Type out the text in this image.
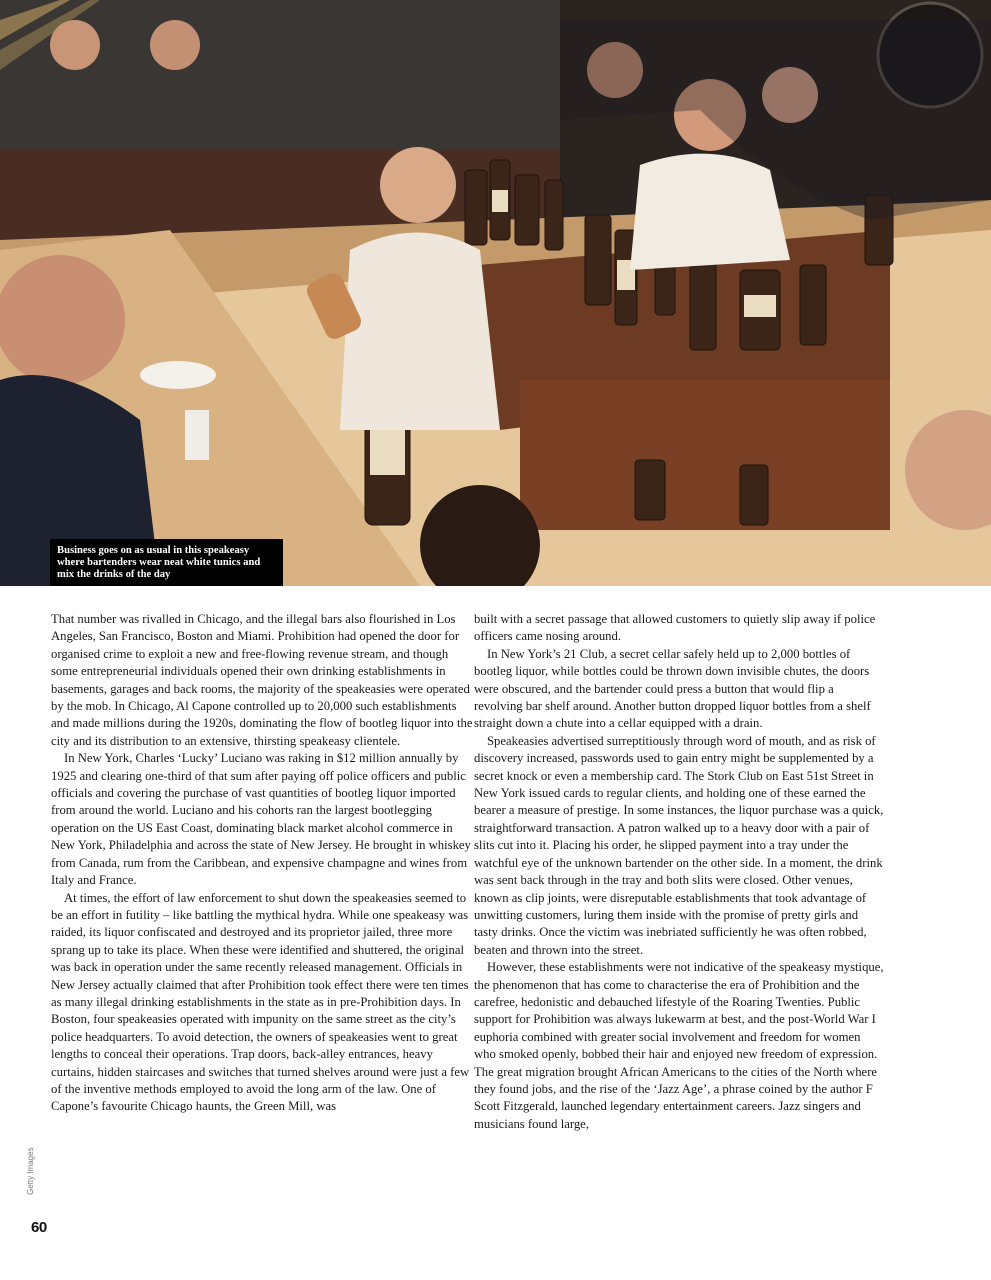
Business goes on as usual in this speakeasy where bartenders wear neat white tunics and mix the drinks of the day

That number was rivalled in Chicago, and the illegal bars also flourished in Los Angeles, San Francisco, Boston and Miami. Prohibition had opened the door for organised crime to exploit a new and free-flowing revenue stream, and though some entrepreneurial individuals opened their own drinking establishments in basements, garages and back rooms, the majority of the speakeasies were operated by the mob. In Chicago, Al Capone controlled up to 20,000 such establishments and made millions during the 1920s, dominating the flow of bootleg liquor into the city and its distribution to an extensive, thirsting speakeasy clientele.

In New York, Charles ‘Lucky’ Luciano was raking in $12 million annually by 1925 and clearing one-third of that sum after paying off police officers and public officials and covering the purchase of vast quantities of bootleg liquor imported from around the world. Luciano and his cohorts ran the largest bootlegging operation on the US East Coast, dominating black market alcohol commerce in New York, Philadelphia and across the state of New Jersey. He brought in whiskey from Canada, rum from the Caribbean, and expensive champagne and wines from Italy and France.

At times, the effort of law enforcement to shut down the speakeasies seemed to be an effort in futility – like battling the mythical hydra. While one speakeasy was raided, its liquor confiscated and destroyed and its proprietor jailed, three more sprang up to take its place. When these were identified and shuttered, the original was back in operation under the same recently released management. Officials in New Jersey actually claimed that after Prohibition took effect there were ten times as many illegal drinking establishments in the state as in pre-Prohibition days. In Boston, four speakeasies operated with impunity on the same street as the city’s police headquarters. To avoid detection, the owners of speakeasies went to great lengths to conceal their operations. Trap doors, back-alley entrances, heavy curtains, hidden staircases and switches that turned shelves around were just a few of the inventive methods employed to avoid the long arm of the law. One of Capone’s favourite Chicago haunts, the Green Mill, was

built with a secret passage that allowed customers to quietly slip away if police officers came nosing around.

In New York’s 21 Club, a secret cellar safely held up to 2,000 bottles of bootleg liquor, while bottles could be thrown down invisible chutes, the doors were obscured, and the bartender could press a button that would flip a revolving bar shelf around. Another button dropped liquor bottles from a shelf straight down a chute into a cellar equipped with a drain.

Speakeasies advertised surreptitiously through word of mouth, and as risk of discovery increased, passwords used to gain entry might be supplemented by a secret knock or even a membership card. The Stork Club on East 51st Street in New York issued cards to regular clients, and holding one of these earned the bearer a measure of prestige. In some instances, the liquor purchase was a quick, straightforward transaction. A patron walked up to a heavy door with a pair of slits cut into it. Placing his order, he slipped payment into a tray under the watchful eye of the unknown bartender on the other side. In a moment, the drink was sent back through in the tray and both slits were closed. Other venues, known as clip joints, were disreputable establishments that took advantage of unwitting customers, luring them inside with the promise of pretty girls and tasty drinks. Once the victim was inebriated sufficiently he was often robbed, beaten and thrown into the street.

However, these establishments were not indicative of the speakeasy mystique, the phenomenon that has come to characterise the era of Prohibition and the carefree, hedonistic and debauched lifestyle of the Roaring Twenties. Public support for Prohibition was always lukewarm at best, and the post-World War I euphoria combined with greater social involvement and freedom for women who smoked openly, bobbed their hair and enjoyed new freedom of expression. The great migration brought African Americans to the cities of the North where they found jobs, and the rise of the ‘Jazz Age’, a phrase coined by the author F Scott Fitzgerald, launched legendary entertainment careers. Jazz singers and musicians found large,

Getty Images
60
